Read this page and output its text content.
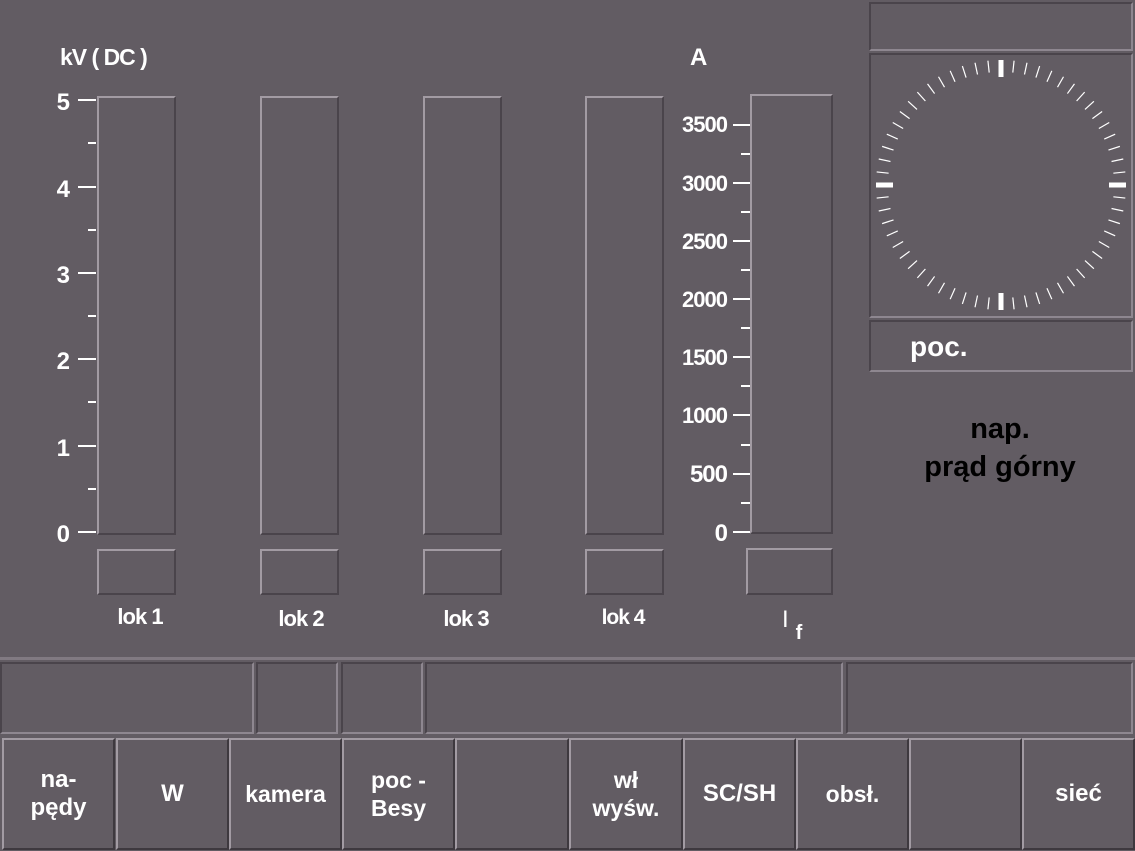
kV ( DC )
5
4
3
2
1
0
lok 1	lok 2	lok 3	lok 4
A
3500
3000
2500
2000
1500
1000
500
0
I $_f$
poc.
nap.
prąd górny
na-
pędy
W	kamera
poc -
Besy
wł
wyśw.
SC/SH	obsł.	sieć
